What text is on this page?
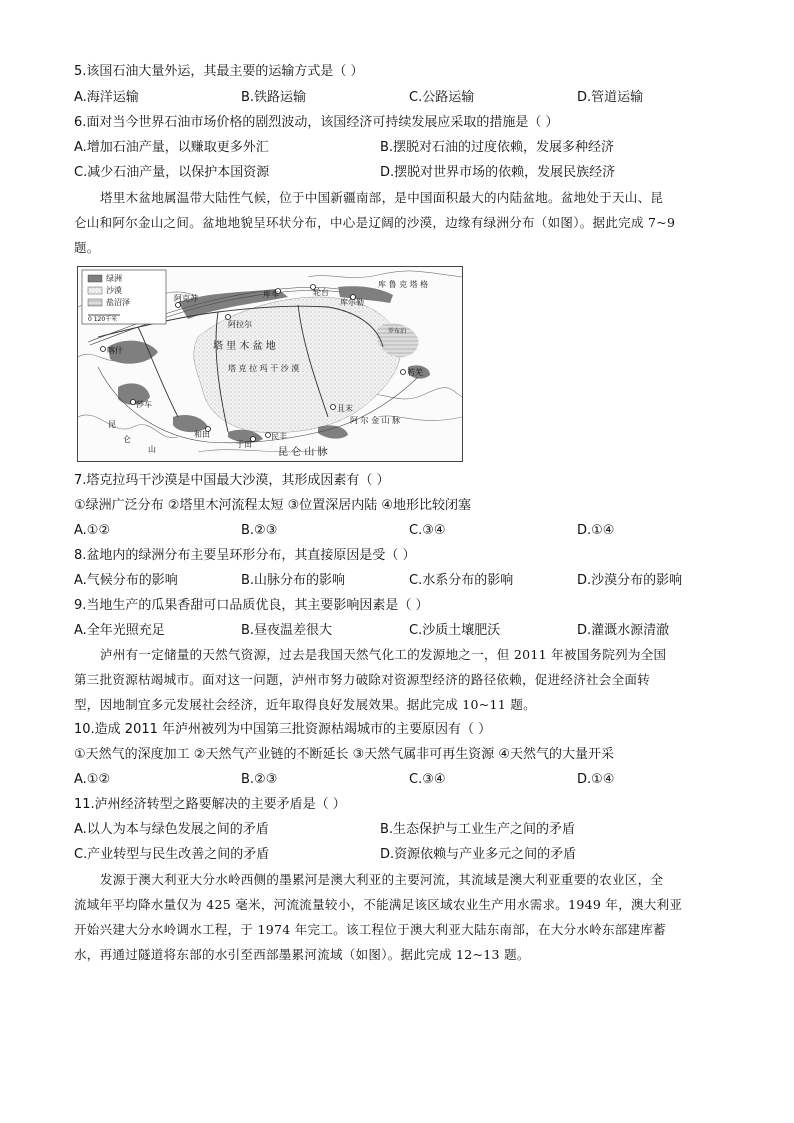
5.该国石油大量外运，其最主要的运输方式是（ ）
A.海洋运输	B.铁路运输	C.公路运输	D.管道运输
6.面对当今世界石油市场价格的剧烈波动，该国经济可持续发展应采取的措施是（ ）
A.增加石油产量，以赚取更多外汇	B.摆脱对石油的过度依赖，发展多种经济
C.减少石油产量，以保护本国资源	D.摆脱对世界市场的依赖，发展民族经济
塔里木盆地属温带大陆性气候，位于中国新疆南部，是中国面积最大的内陆盆地。盆地处于天山、昆
仑山和阿尔金山之间。盆地地貌呈环状分布，中心是辽阔的沙漠，边缘有绿洲分布（如图）。据此完成 7~9
题。
绿洲
沙漠
盐沼泽
0 120千米
阿克苏
阿拉尔
库车	轮台
库尔勒
库 鲁 克 塔 格
罗布泊
喀什
莎车
和田
于田
民丰
且末
若羌
塔 里 木 盆 地
塔 克 拉 玛 干 沙 漠
阿 尔 金 山 脉
昆 仑 山 脉
昆
仑
山
7.塔克拉玛干沙漠是中国最大沙漠，其形成因素有（ ）
①绿洲广泛分布 ②塔里木河流程太短 ③位置深居内陆 ④地形比较闭塞
A.①②	B.②③	C.③④	D.①④
8.盆地内的绿洲分布主要呈环形分布，其直接原因是受（ ）
A.气候分布的影响	B.山脉分布的影响	C.水系分布的影响	D.沙漠分布的影响
9.当地生产的瓜果香甜可口品质优良，其主要影响因素是（ ）
A.全年光照充足	B.昼夜温差很大	C.沙质土壤肥沃	D.灌溉水源清澈
泸州有一定储量的天然气资源，过去是我国天然气化工的发源地之一，但 2011 年被国务院列为全国
第三批资源枯竭城市。面对这一问题，泸州市努力破除对资源型经济的路径依赖，促进经济社会全面转
型，因地制宜多元发展社会经济，近年取得良好发展效果。据此完成 10~11 题。
10.造成 2011 年泸州被列为中国第三批资源枯竭城市的主要原因有（ ）
①天然气的深度加工 ②天然气产业链的不断延长 ③天然气属非可再生资源 ④天然气的大量开采
A.①②	B.②③	C.③④	D.①④
11.泸州经济转型之路要解决的主要矛盾是（ ）
A.以人为本与绿色发展之间的矛盾	B.生态保护与工业生产之间的矛盾
C.产业转型与民生改善之间的矛盾	D.资源依赖与产业多元之间的矛盾
发源于澳大利亚大分水岭西侧的墨累河是澳大利亚的主要河流，其流域是澳大利亚重要的农业区，全
流域年平均降水量仅为 425 毫米，河流流量较小，不能满足该区域农业生产用水需求。1949 年，澳大利亚
开始兴建大分水岭调水工程，于 1974 年完工。该工程位于澳大利亚大陆东南部，在大分水岭东部建库蓄
水，再通过隧道将东部的水引至西部墨累河流域（如图）。据此完成 12~13 题。
